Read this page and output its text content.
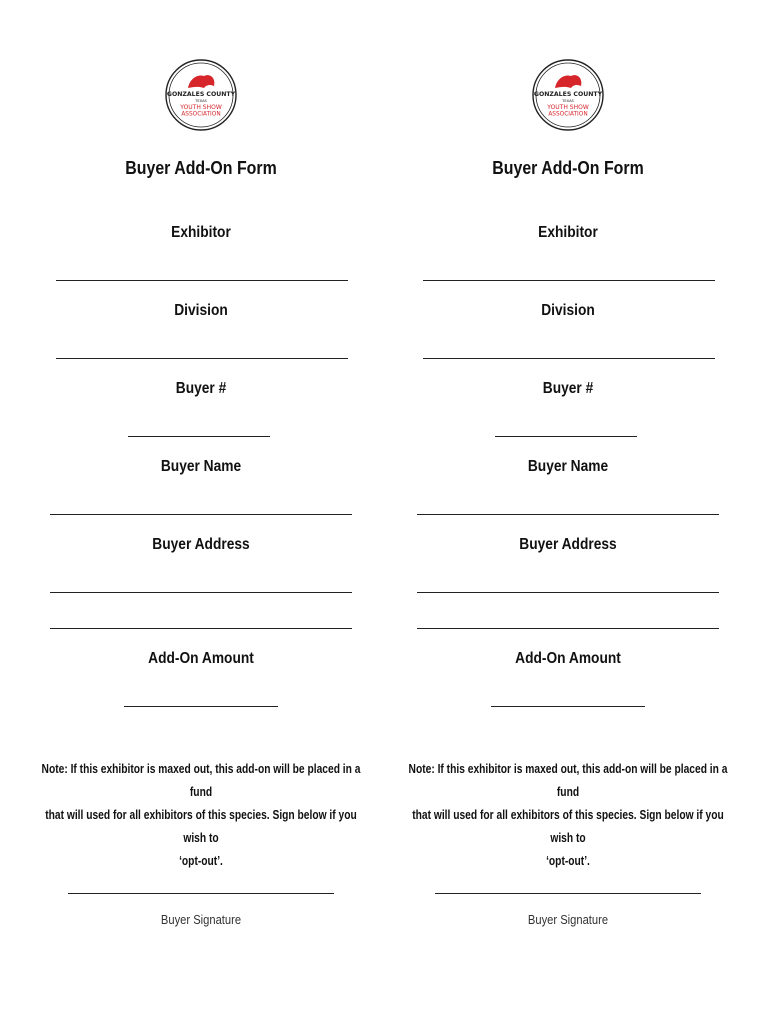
GONZALES COUNTY
TEXAS
YOUTH SHOW
ASSOCIATION
Buyer Add-On Form
Exhibitor
Division
Buyer #
Buyer Name
Buyer Address
Add-On Amount
Note: If this exhibitor is maxed out, this add-on will be placed in a fund
that will used for all exhibitors of this species. Sign below if you wish to
‘opt-out’.
Buyer Signature
GONZALES COUNTY
TEXAS
YOUTH SHOW
ASSOCIATION
Buyer Add-On Form
Exhibitor
Division
Buyer #
Buyer Name
Buyer Address
Add-On Amount
Note: If this exhibitor is maxed out, this add-on will be placed in a fund
that will used for all exhibitors of this species. Sign below if you wish to
‘opt-out’.
Buyer Signature
